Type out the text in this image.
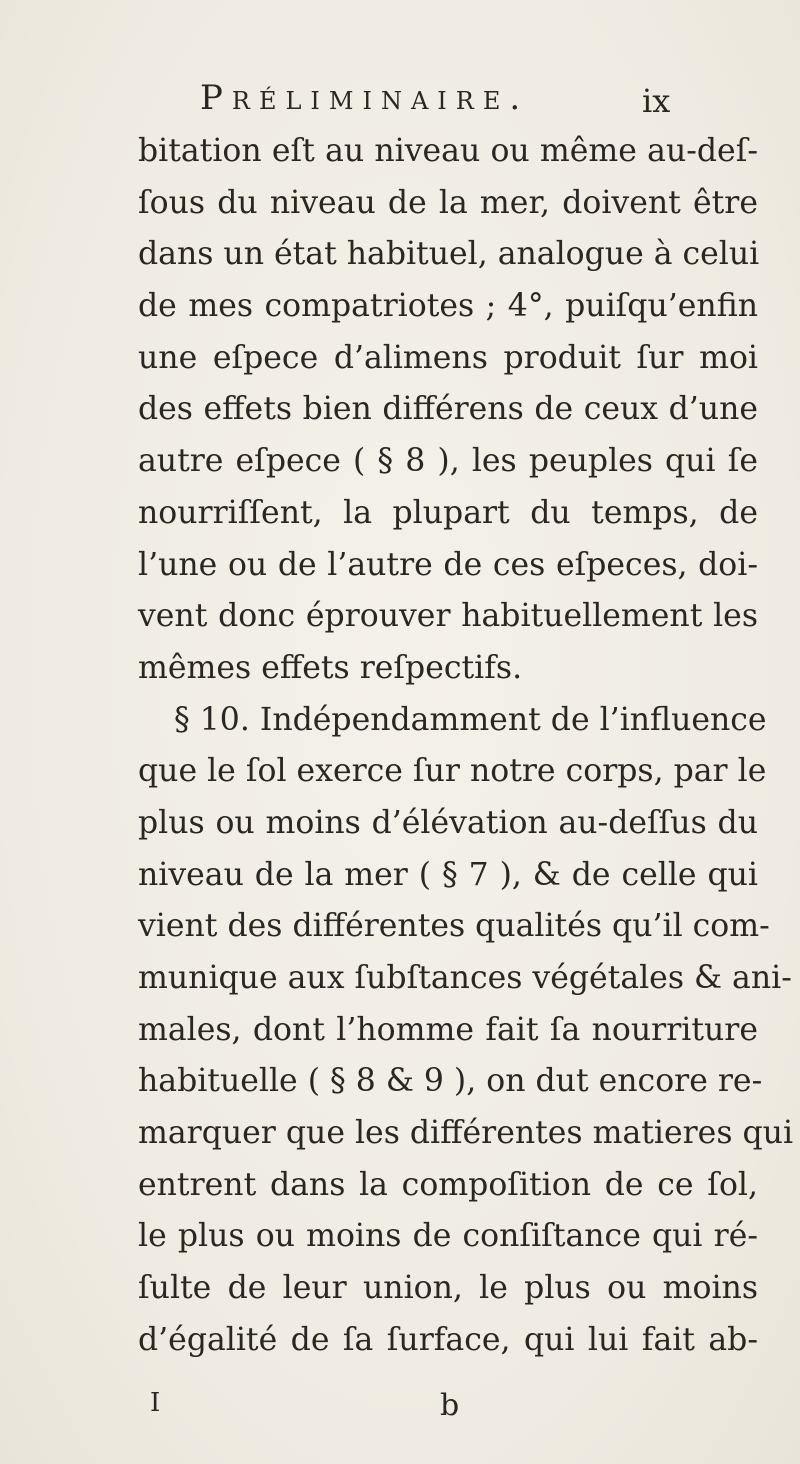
Préliminaire.	ix
bitation eſt au niveau ou même au-deſ-
ſous du niveau de la mer, doivent être
dans un état habituel, analogue à celui
de mes compatriotes ; 4°, puiſqu’enfin
une eſpece d’alimens produit ſur moi
des effets bien différens de ceux d’une
autre eſpece ( § 8 ), les peuples qui ſe
nourriſſent, la plupart du temps, de
l’une ou de l’autre de ces eſpeces, doi-
vent donc éprouver habituellement les
mêmes effets reſpectifs.
§ 10. Indépendamment de l’influence
que le ſol exerce ſur notre corps, par le
plus ou moins d’élévation au-deſſus du
niveau de la mer ( § 7 ), & de celle qui
vient des différentes qualités qu’il com-
munique aux ſubſtances végétales & ani-
males, dont l’homme fait ſa nourriture
habituelle ( § 8 & 9 ), on dut encore re-
marquer que les différentes matieres qui
entrent dans la compoſition de ce ſol,
le plus ou moins de conſiſtance qui ré-
ſulte de leur union, le plus ou moins
d’égalité de ſa ſurface, qui lui fait ab-
I	b
